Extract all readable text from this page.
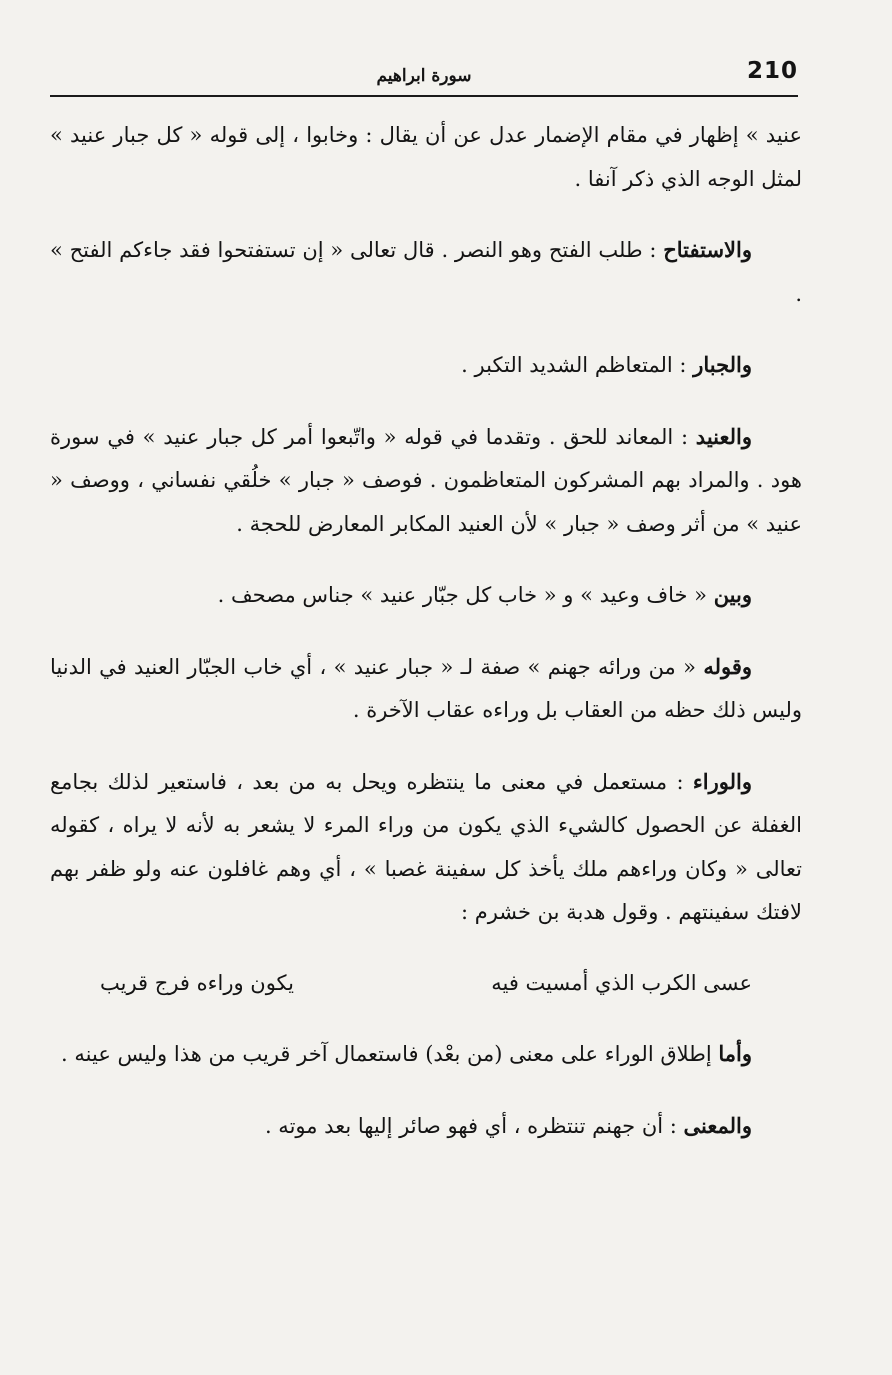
210
سورة ابراهيم

عنيد » إظهار في مقام الإضمار عدل عن أن يقال : وخابوا ، إلى قوله « كل جبار عنيد » لمثل الوجه الذي ذكر آنفا .

والاستفتاح : طلب الفتح وهو النصر . قال تعالى « إن تستفتحوا فقد جاءكم الفتح » .

والجبار : المتعاظم الشديد التكبر .

والعنيد : المعاند للحق . وتقدما في قوله « واتّبعوا أمر كل جبار عنيد » في سورة هود . والمراد بهم المشركون المتعاظمون . فوصف « جبار » خلُقي نفساني ، ووصف « عنيد » من أثر وصف « جبار » لأن العنيد المكابر المعارض للحجة .

وبين « خاف وعيد » و « خاب كل جبّار عنيد » جناس مصحف .

وقوله « من ورائه جهنم » صفة لـ « جبار عنيد » ، أي خاب الجبّار العنيد في الدنيا وليس ذلك حظه من العقاب بل وراءه عقاب الآخرة .

والوراء : مستعمل في معنى ما ينتظره ويحل به من بعد ، فاستعير لذلك بجامع الغفلة عن الحصول كالشيء الذي يكون من وراء المرء لا يشعر به لأنه لا يراه ، كقوله تعالى « وكان وراءهم ملك يأخذ كل سفينة غصبا » ، أي وهم غافلون عنه ولو ظفر بهم لافتك سفينتهم . وقول هدبة بن خشرم :

عسى الكرب الذي أمسيت فيه
يكون وراءه فرج قريب

وأما إطلاق الوراء على معنى (من بعْد) فاستعمال آخر قريب من هذا وليس عينه .

والمعنى : أن جهنم تنتظره ، أي فهو صائر إليها بعد موته .
